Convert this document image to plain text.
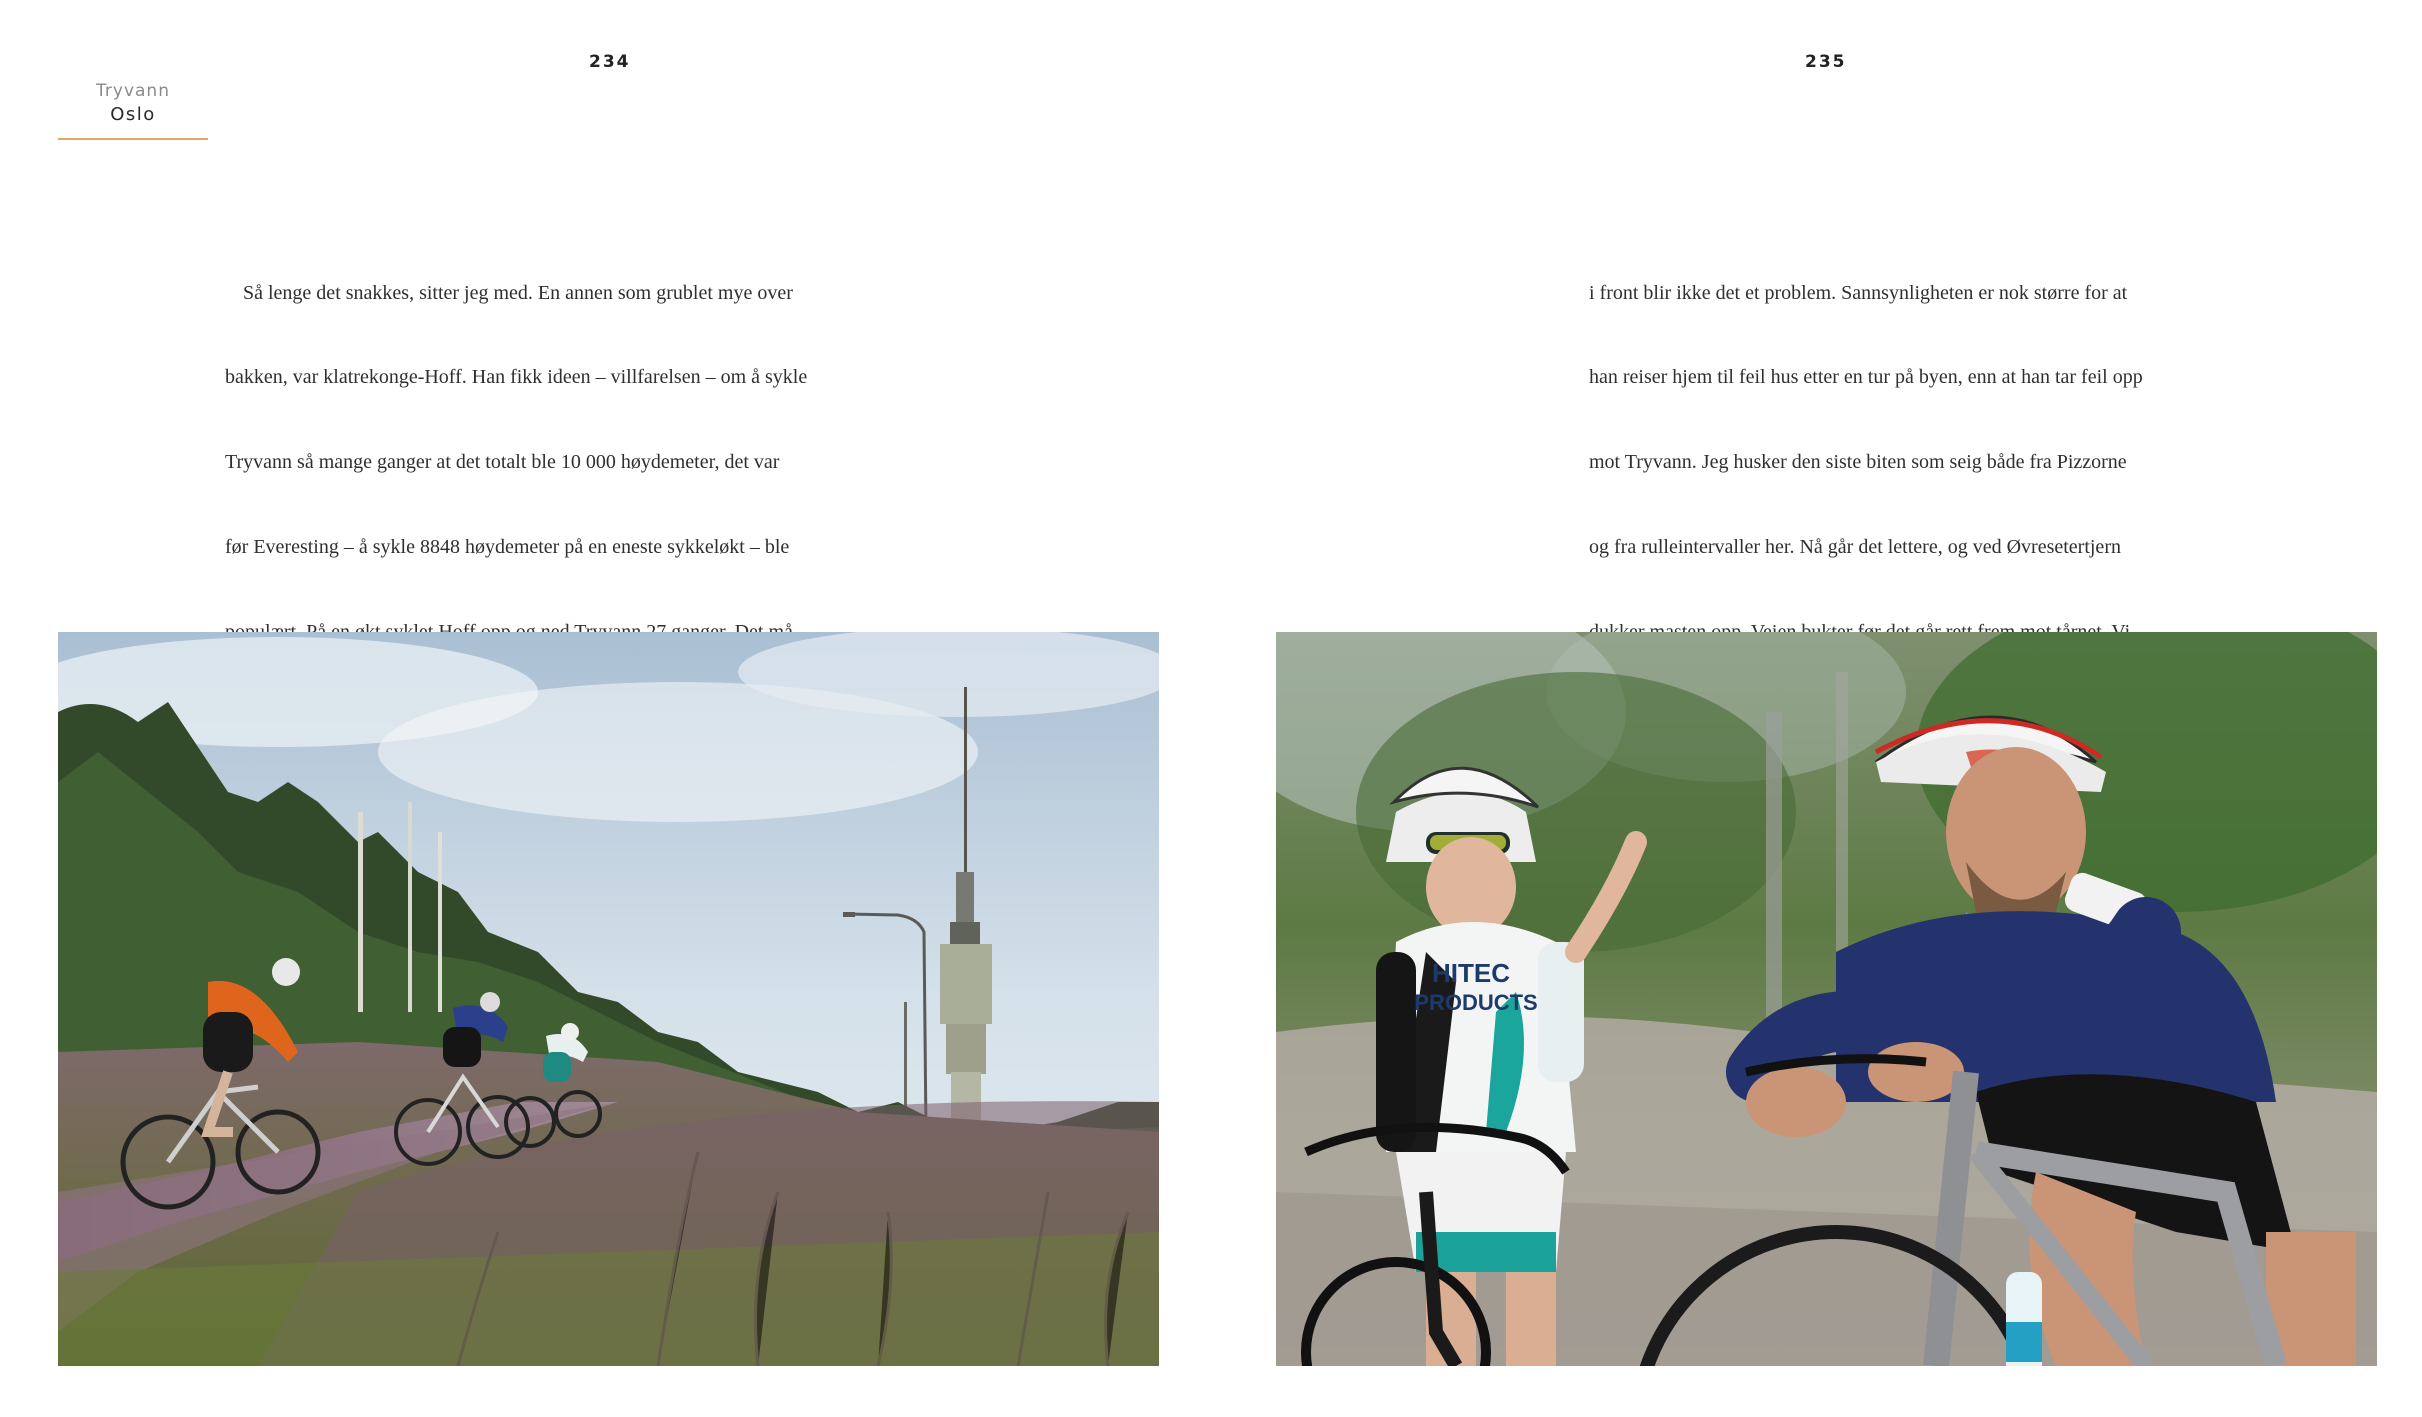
234	235
Tryvann
Oslo

Så lenge det snakkes, sitter jeg med. En annen som grublet mye over

bakken, var klatrekonge-Hoff. Han fikk ideen – villfarelsen – om å sykle

Tryvann så mange ganger at det totalt ble 10 000 høydemeter, det var

før Everesting – å sykle 8848 høydemeter på en eneste sykkeløkt – ble

i front blir ikke det et problem. Sannsynligheten er nok større for at

han reiser hjem til feil hus etter en tur på byen, enn at han tar feil opp

mot Tryvann. Jeg husker den siste biten som seig både fra Pizzorne

og fra rulleintervaller her. Nå går det lettere, og ved Øvresetertjern

HITEC
PRODUCTS
